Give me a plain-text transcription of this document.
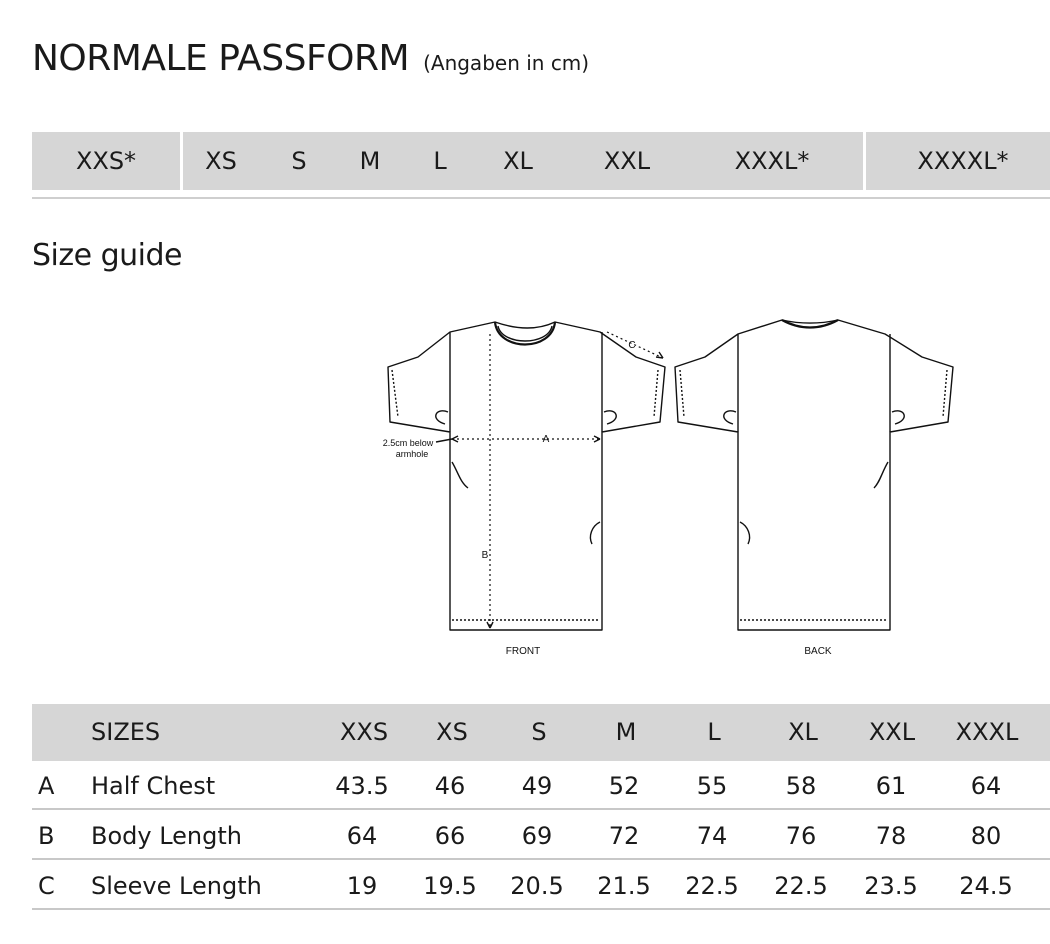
NORMALE PASSFORM (Angaben in cm)
XXS*	XS	S	M	L	XL	XXL	XXXL*	XXXXL*
Size guide
A
B
C
2.5cm below
armhole
FRONT	BACK
SIZES	XXS	XS	S	M	L	XL	XXL	XXXL
A Half Chest	43.5	46	49	52	55	58	61	64
B Body Length	64	66	69	72	74	76	78	80
C Sleeve Length	19	19.5	20.5	21.5	22.5	22.5	23.5	24.5
